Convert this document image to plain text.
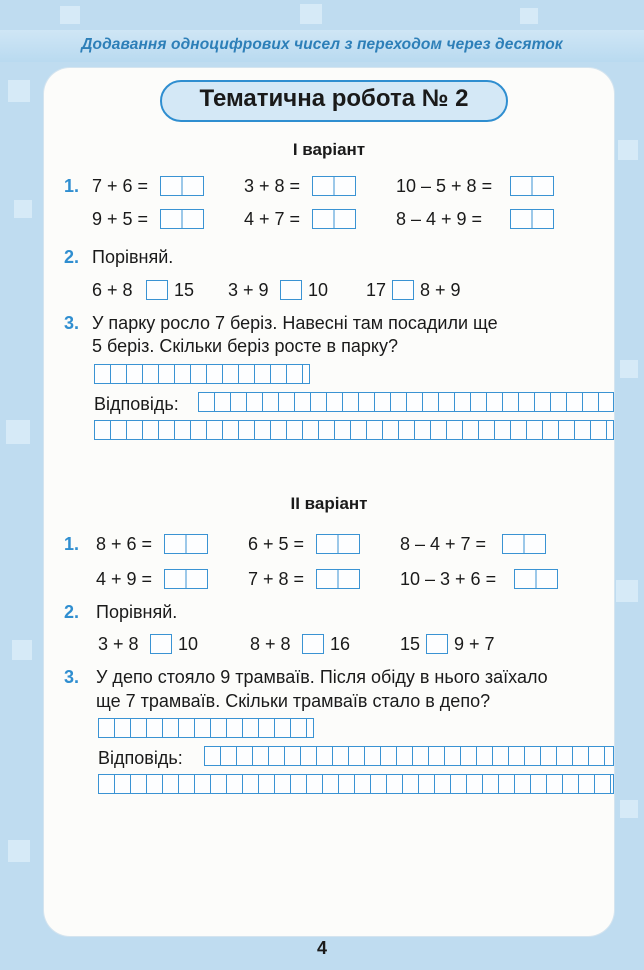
Додавання одноцифрових чисел з переходом через десяток
Тематична робота № 2
І варіант
1. 7 + 6 =	3 + 8 =	10 – 5 + 8 =
9 + 5 =	4 + 7 =	8 – 4 + 9 =
2. Порівняй.
6 + 8 15 3 + 9 10 17 8 + 9
3. У парку росло 7 беріз. Навесні там посадили ще
5 беріз. Скільки беріз росте в парку?
Відповідь:
ІІ варіант
1. 8 + 6 =	6 + 5 =	8 – 4 + 7 =
4 + 9 =	7 + 8 =	10 – 3 + 6 =
2. Порівняй.
3 + 8 10	8 + 8 16	15 9 + 7
3. У депо стояло 9 трамваїв. Після обіду в нього заїхало
ще 7 трамваїв. Скільки трамваїв стало в депо?
Відповідь:
4
